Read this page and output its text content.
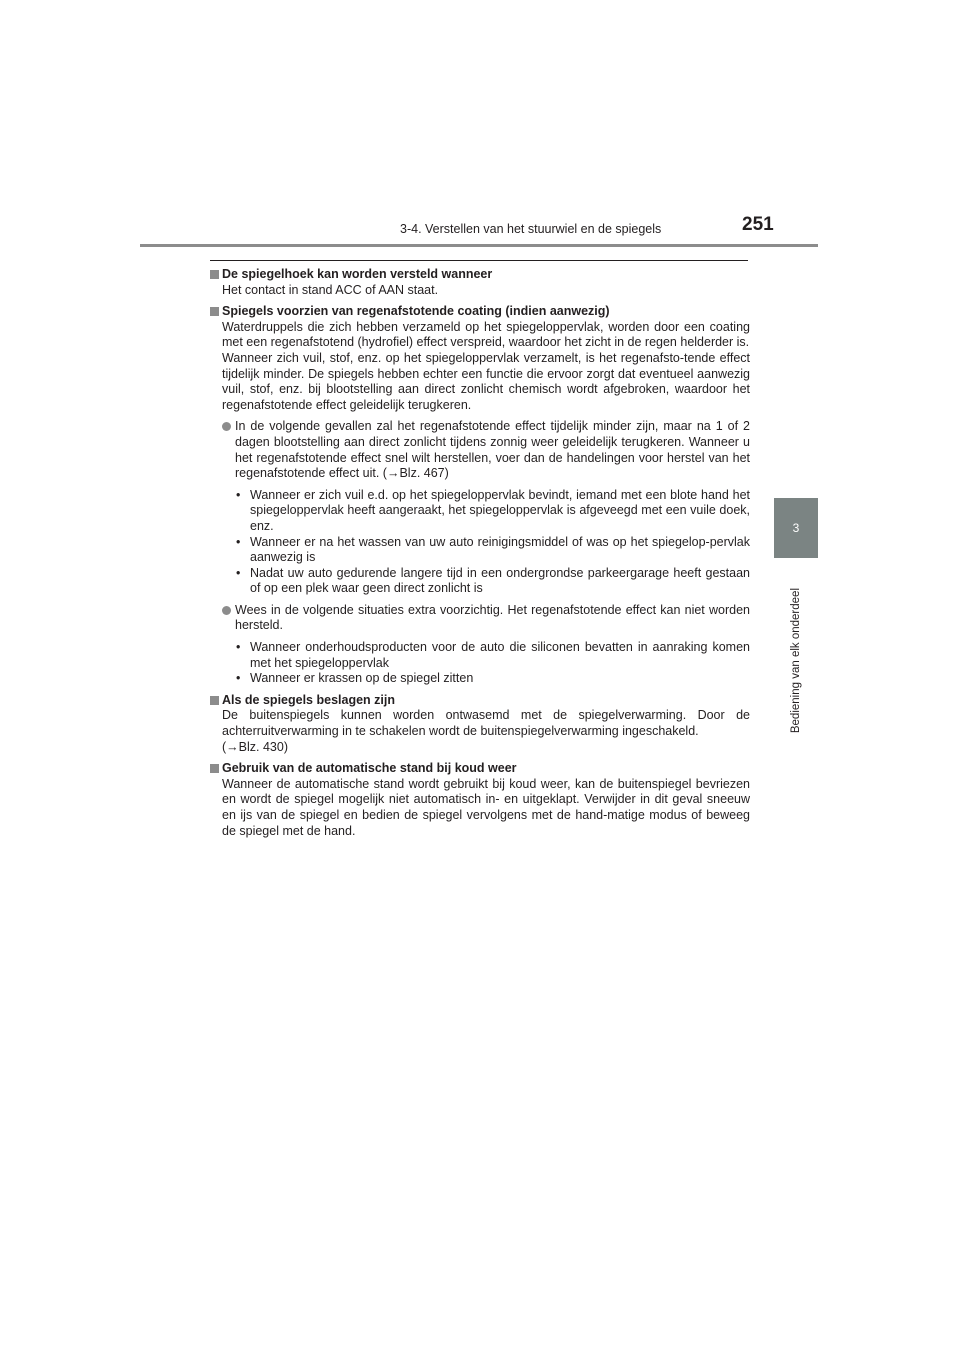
3-4. Verstellen van het stuurwiel en de spiegels	251
3
Bediening van elk onderdeel
De spiegelhoek kan worden versteld wanneer

Het contact in stand ACC of AAN staat.

Spiegels voorzien van regenafstotende coating (indien aanwezig)

Waterdruppels die zich hebben verzameld op het spiegeloppervlak, worden door een coating met een regenafstotend (hydrofiel) effect verspreid, waardoor het zicht in de regen helderder is.
Wanneer zich vuil, stof, enz. op het spiegeloppervlak verzamelt, is het regenafsto-tende effect tijdelijk minder. De spiegels hebben echter een functie die ervoor zorgt dat eventueel aanwezig vuil, stof, enz. bij blootstelling aan direct zonlicht chemisch wordt afgebroken, waardoor het regenafstotende effect geleidelijk terugkeren.

In de volgende gevallen zal het regenafstotende effect tijdelijk minder zijn, maar na 1 of 2 dagen blootstelling aan direct zonlicht tijdens zonnig weer geleidelijk terugkeren. Wanneer u het regenafstotende effect snel wilt herstellen, voer dan de handelingen voor herstel van het regenafstotende effect uit. (→Blz. 467)
• Wanneer er zich vuil e.d. op het spiegeloppervlak bevindt, iemand met een blote hand het spiegeloppervlak heeft aangeraakt, het spiegeloppervlak is afgeveegd met een vuile doek, enz.
• Wanneer er na het wassen van uw auto reinigingsmiddel of was op het spiegelop-pervlak aanwezig is
• Nadat uw auto gedurende langere tijd in een ondergrondse parkeergarage heeft gestaan of op een plek waar geen direct zonlicht is
Wees in de volgende situaties extra voorzichtig. Het regenafstotende effect kan niet worden hersteld.
• Wanneer onderhoudsproducten voor de auto die siliconen bevatten in aanraking komen met het spiegeloppervlak
• Wanneer er krassen op de spiegel zitten
Als de spiegels beslagen zijn

De buitenspiegels kunnen worden ontwasemd met de spiegelverwarming. Door de achterruitverwarming in te schakelen wordt de buitenspiegelverwarming ingeschakeld.
(→Blz. 430)

Gebruik van de automatische stand bij koud weer

Wanneer de automatische stand wordt gebruikt bij koud weer, kan de buitenspiegel bevriezen en wordt de spiegel mogelijk niet automatisch in- en uitgeklapt. Verwijder in dit geval sneeuw en ijs van de spiegel en bedien de spiegel vervolgens met de hand-matige modus of beweeg de spiegel met de hand.
